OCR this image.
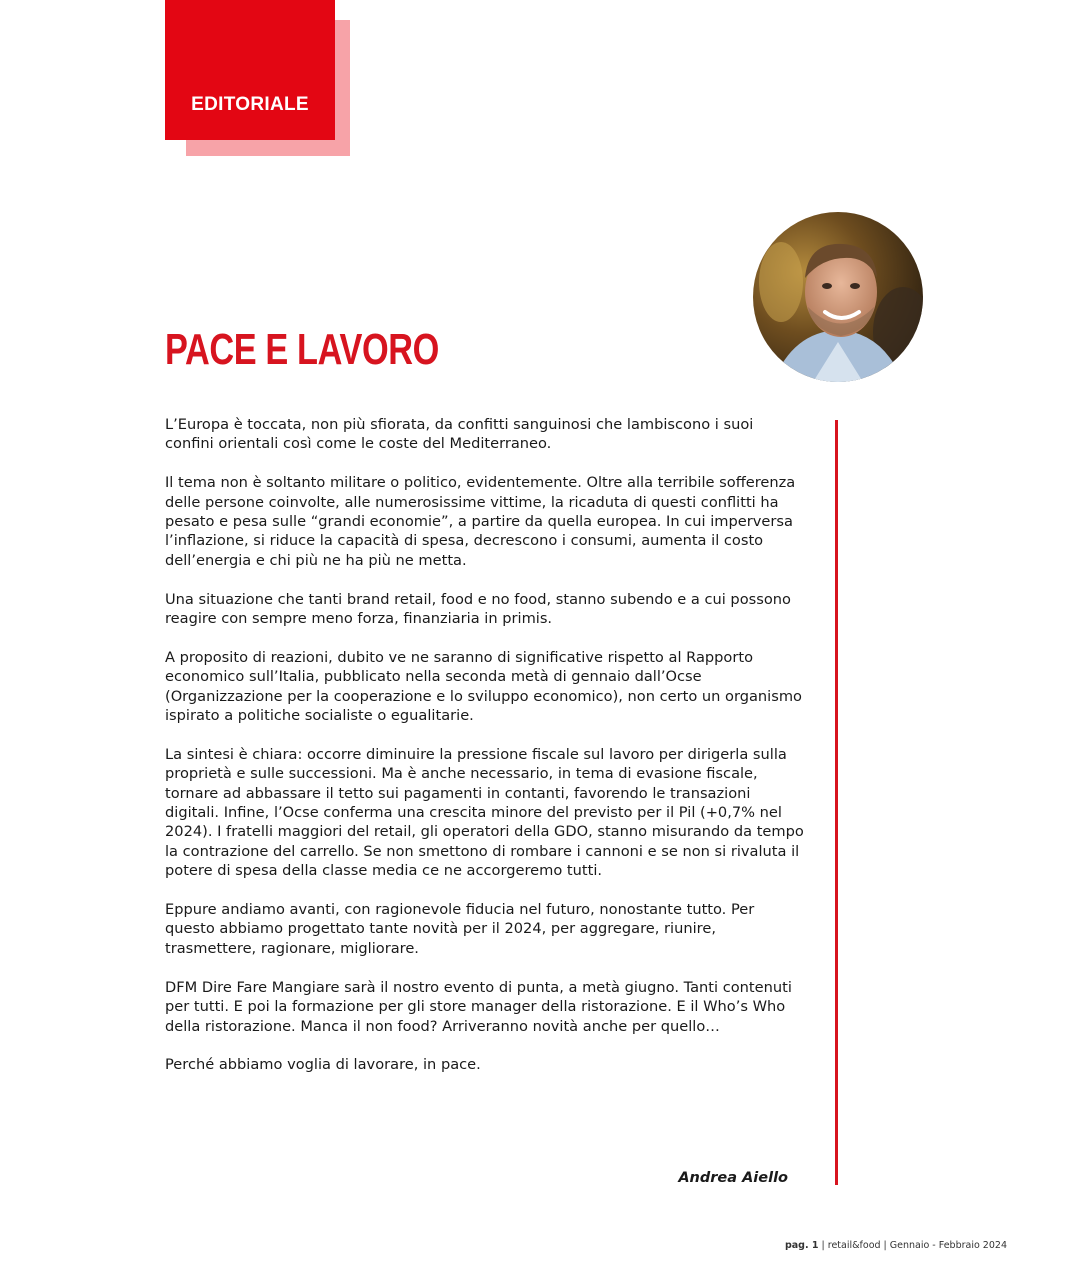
EDITORIALE
PACE E LAVORO

L’Europa è toccata, non più sfiorata, da confitti sanguinosi che lambiscono i suoi confini orientali così come le coste del Mediterraneo.

Il tema non è soltanto militare o politico, evidentemente. Oltre alla terribile sofferenza delle persone coinvolte, alle numerosissime vittime, la ricaduta di questi conflitti ha pesato e pesa sulle “grandi economie”, a partire da quella europea. In cui imperversa l’inflazione, si riduce la capacità di spesa, decrescono i consumi, aumenta il costo dell’energia e chi più ne ha più ne metta.

Una situazione che tanti brand retail, food e no food, stanno subendo e a cui possono reagire con sempre meno forza, finanziaria in primis.

A proposito di reazioni, dubito ve ne saranno di significative rispetto al Rapporto economico sull’Italia, pubblicato nella seconda metà di gennaio dall’Ocse (Organizzazione per la cooperazione e lo sviluppo economico), non certo un organismo ispirato a politiche socialiste o egualitarie.

La sintesi è chiara: occorre diminuire la pressione fiscale sul lavoro per dirigerla sulla proprietà e sulle successioni. Ma è anche necessario, in tema di evasione fiscale, tornare ad abbassare il tetto sui pagamenti in contanti, favorendo le transazioni digitali. Infine, l’Ocse conferma una crescita minore del previsto per il Pil (+0,7% nel 2024). I fratelli maggiori del retail, gli operatori della GDO, stanno misurando da tempo la contrazione del carrello. Se non smettono di rombare i cannoni e se non si rivaluta il potere di spesa della classe media ce ne accorgeremo tutti.

Eppure andiamo avanti, con ragionevole fiducia nel futuro, nonostante tutto. Per questo abbiamo progettato tante novità per il 2024, per aggregare, riunire, trasmettere, ragionare, migliorare.

DFM Dire Fare Mangiare sarà il nostro evento di punta, a metà giugno. Tanti contenuti per tutti. E poi la formazione per gli store manager della ristorazione. E il Who’s Who della ristorazione. Manca il non food? Arriveranno novità anche per quello…

Perché abbiamo voglia di lavorare, in pace.

Andrea Aiello
pag. 1 | retail&food | Gennaio - Febbraio 2024
